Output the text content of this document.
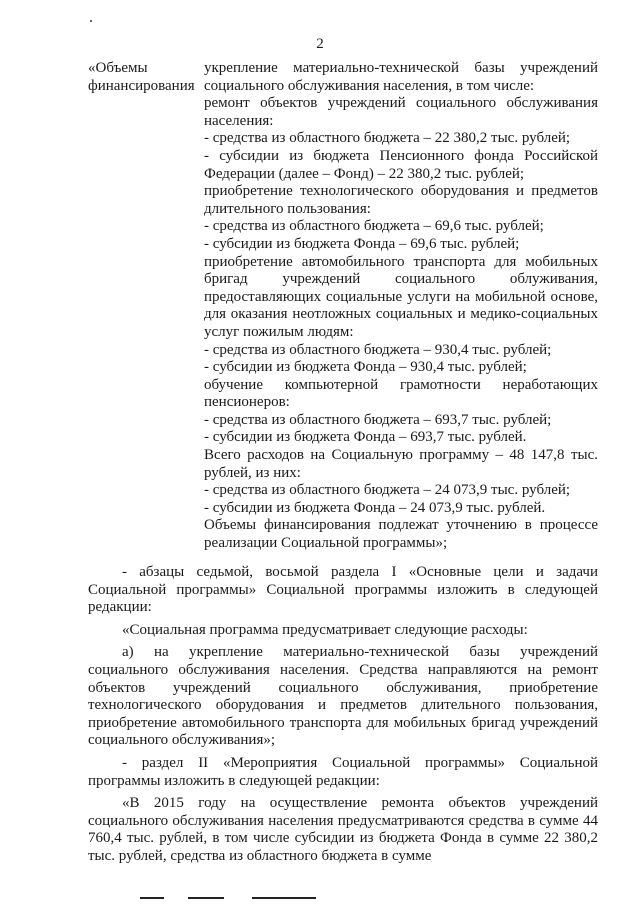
2
«Объемы финансирования
укрепление материально-технической базы учреждений социального обслуживания населения, в том числе:
ремонт объектов учреждений социального обслуживания населения:
- средства из областного бюджета – 22 380,2 тыс. рублей;
- субсидии из бюджета Пенсионного фонда Российской Федерации (далее – Фонд) – 22 380,2 тыс. рублей;
приобретение технологического оборудования и предметов длительного пользования:
- средства из областного бюджета – 69,6 тыс. рублей;
- субсидии из бюджета Фонда – 69,6 тыс. рублей;
приобретение автомобильного транспорта для мобильных бригад учреждений социального облуживания, предоставляющих социальные услуги на мобильной основе, для оказания неотложных социальных и медико-социальных услуг пожилым людям:
- средства из областного бюджета – 930,4 тыс. рублей;
- субсидии из бюджета Фонда – 930,4 тыс. рублей;
обучение компьютерной грамотности неработающих пенсионеров:
- средства из областного бюджета – 693,7 тыс. рублей;
- субсидии из бюджета Фонда – 693,7 тыс. рублей.
Всего расходов на Социальную программу – 48 147,8 тыс. рублей, из них:
- средства из областного бюджета – 24 073,9 тыс. рублей;
- субсидии из бюджета Фонда – 24 073,9 тыс. рублей.
Объемы финансирования подлежат уточнению в процессе реализации Социальной программы»;

- абзацы седьмой, восьмой раздела I «Основные цели и задачи Социальной программы» Социальной программы изложить в следующей редакции:

«Социальная программа предусматривает следующие расходы:

а) на укрепление материально-технической базы учреждений социального обслуживания населения. Средства направляются на ремонт объектов учреждений социального обслуживания, приобретение технологического оборудования и предметов длительного пользования, приобретение автомобильного транспорта для мобильных бригад учреждений социального обслуживания»;

- раздел II «Мероприятия Социальной программы» Социальной программы изложить в следующей редакции:

«В 2015 году на осуществление ремонта объектов учреждений социального обслуживания населения предусматриваются средства в сумме 44 760,4 тыс. рублей, в том числе субсидии из бюджета Фонда в сумме 22 380,2 тыс. рублей, средства из областного бюджета в сумме
